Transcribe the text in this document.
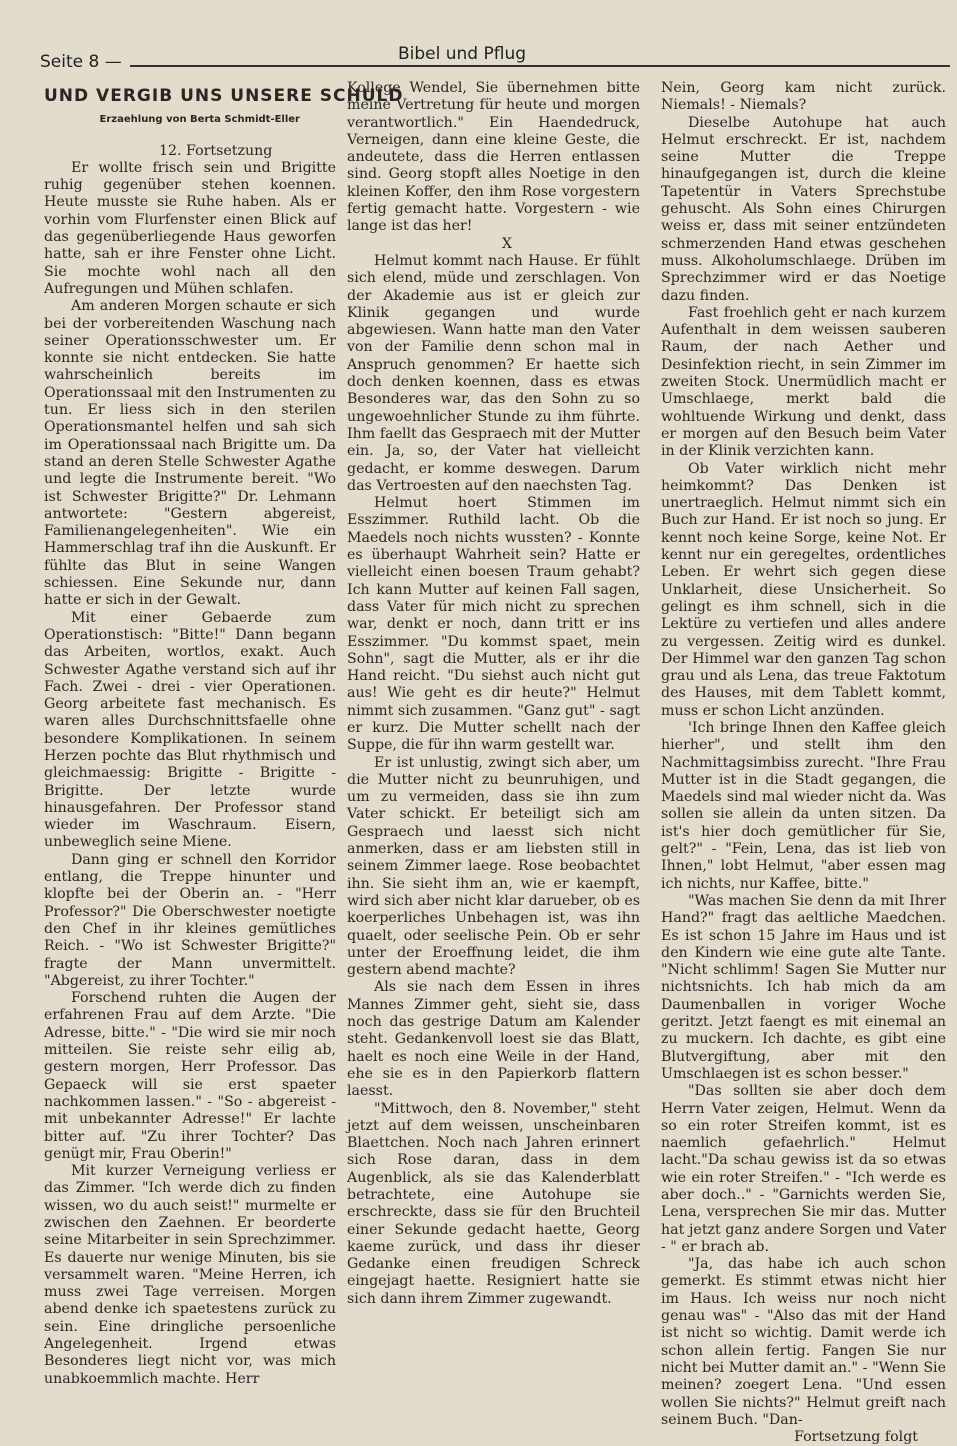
Seite 8 —	Bibel und Pflug
UND VERGIB UNS UNSERE SCHULD
Erzaehlung von Berta Schmidt-Eller

12. Fortsetzung

Er wollte frisch sein und Brigitte ruhig gegenüber stehen koennen. Heute musste sie Ruhe haben. Als er vorhin vom Flurfenster einen Blick auf das gegenüberliegende Haus geworfen hatte, sah er ihre Fenster ohne Licht. Sie mochte wohl nach all den Aufregungen und Mühen schlafen.

Am anderen Morgen schaute er sich bei der vorbereitenden Waschung nach seiner Operationsschwester um. Er konnte sie nicht entdecken. Sie hatte wahrscheinlich bereits im Operationssaal mit den Instrumenten zu tun. Er liess sich in den sterilen Operationsmantel helfen und sah sich im Operationssaal nach Brigitte um. Da stand an deren Stelle Schwester Agathe und legte die Instrumente bereit. "Wo ist Schwester Brigitte?" Dr. Lehmann antwortete: "Gestern abgereist, Familienangelegenheiten". Wie ein Hammerschlag traf ihn die Auskunft. Er fühlte das Blut in seine Wangen schiessen. Eine Sekunde nur, dann hatte er sich in der Gewalt.

Mit einer Gebaerde zum Operationstisch: "Bitte!" Dann begann das Arbeiten, wortlos, exakt. Auch Schwester Agathe verstand sich auf ihr Fach. Zwei - drei - vier Operationen. Georg arbeitete fast mechanisch. Es waren alles Durchschnittsfaelle ohne besondere Komplikationen. In seinem Herzen pochte das Blut rhythmisch und gleichmaessig: Brigitte - Brigitte - Brigitte. Der letzte wurde hinausgefahren. Der Professor stand wieder im Waschraum. Eisern, unbeweglich seine Miene.

Dann ging er schnell den Korridor entlang, die Treppe hinunter und klopfte bei der Oberin an. - "Herr Professor?" Die Oberschwester noetigte den Chef in ihr kleines gemütliches Reich. - "Wo ist Schwester Brigitte?" fragte der Mann unvermittelt. "Abgereist, zu ihrer Tochter."

Forschend ruhten die Augen der erfahrenen Frau auf dem Arzte. "Die Adresse, bitte." - "Die wird sie mir noch mitteilen. Sie reiste sehr eilig ab, gestern morgen, Herr Professor. Das Gepaeck will sie erst spaeter nachkommen lassen." - "So - abgereist - mit unbekannter Adresse!" Er lachte bitter auf. "Zu ihrer Tochter? Das genügt mir, Frau Oberin!"

Mit kurzer Verneigung verliess er das Zimmer. "Ich werde dich zu finden wissen, wo du auch seist!" murmelte er zwischen den Zaehnen. Er beorderte seine Mitarbeiter in sein Sprechzimmer. Es dauerte nur wenige Minuten, bis sie versammelt waren. "Meine Herren, ich muss zwei Tage verreisen. Morgen abend denke ich spaetestens zurück zu sein. Eine dringliche persoenliche Angelegenheit. Irgend etwas Besonderes liegt nicht vor, was mich unabkoemmlich machte. Herr

Kollege Wendel, Sie übernehmen bitte meine Vertretung für heute und morgen verantwortlich." Ein Haendedruck, Verneigen, dann eine kleine Geste, die andeutete, dass die Herren entlassen sind. Georg stopft alles Noetige in den kleinen Koffer, den ihm Rose vorgestern fertig gemacht hatte. Vorgestern - wie lange ist das her!

X

Helmut kommt nach Hause. Er fühlt sich elend, müde und zerschlagen. Von der Akademie aus ist er gleich zur Klinik gegangen und wurde abgewiesen. Wann hatte man den Vater von der Familie denn schon mal in Anspruch genommen? Er haette sich doch denken koennen, dass es etwas Besonderes war, das den Sohn zu so ungewoehnlicher Stunde zu ihm führte. Ihm faellt das Gespraech mit der Mutter ein. Ja, so, der Vater hat vielleicht gedacht, er komme deswegen. Darum das Vertroesten auf den naechsten Tag.

Helmut hoert Stimmen im Esszimmer. Ruthild lacht. Ob die Maedels noch nichts wussten? - Konnte es überhaupt Wahrheit sein? Hatte er vielleicht einen boesen Traum gehabt? Ich kann Mutter auf keinen Fall sagen, dass Vater für mich nicht zu sprechen war, denkt er noch, dann tritt er ins Esszimmer. "Du kommst spaet, mein Sohn", sagt die Mutter, als er ihr die Hand reicht. "Du siehst auch nicht gut aus! Wie geht es dir heute?" Helmut nimmt sich zusammen. "Ganz gut" - sagt er kurz. Die Mutter schellt nach der Suppe, die für ihn warm gestellt war.

Er ist unlustig, zwingt sich aber, um die Mutter nicht zu beunruhigen, und um zu vermeiden, dass sie ihn zum Vater schickt. Er beteiligt sich am Gespraech und laesst sich nicht anmerken, dass er am liebsten still in seinem Zimmer laege. Rose beobachtet ihn. Sie sieht ihm an, wie er kaempft, wird sich aber nicht klar darueber, ob es koerperliches Unbehagen ist, was ihn quaelt, oder seelische Pein. Ob er sehr unter der Eroeffnung leidet, die ihm gestern abend machte?

Als sie nach dem Essen in ihres Mannes Zimmer geht, sieht sie, dass noch das gestrige Datum am Kalender steht. Gedankenvoll loest sie das Blatt, haelt es noch eine Weile in der Hand, ehe sie es in den Papierkorb flattern laesst.

"Mittwoch, den 8. November," steht jetzt auf dem weissen, unscheinbaren Blaettchen. Noch nach Jahren erinnert sich Rose daran, dass in dem Augenblick, als sie das Kalenderblatt betrachtete, eine Autohupe sie erschreckte, dass sie für den Bruchteil einer Sekunde gedacht haette, Georg kaeme zurück, und dass ihr dieser Gedanke einen freudigen Schreck eingejagt haette. Resigniert hatte sie sich dann ihrem Zimmer zugewandt.

Nein, Georg kam nicht zurück. Niemals! - Niemals?

Dieselbe Autohupe hat auch Helmut erschreckt. Er ist, nachdem seine Mutter die Treppe hinaufgegangen ist, durch die kleine Tapetentür in Vaters Sprechstube gehuscht. Als Sohn eines Chirurgen weiss er, dass mit seiner entzündeten schmerzenden Hand etwas geschehen muss. Alkoholumschlaege. Drüben im Sprechzimmer wird er das Noetige dazu finden.

Fast froehlich geht er nach kurzem Aufenthalt in dem weissen sauberen Raum, der nach Aether und Desinfektion riecht, in sein Zimmer im zweiten Stock. Unermüdlich macht er Umschlaege, merkt bald die wohltuende Wirkung und denkt, dass er morgen auf den Besuch beim Vater in der Klinik verzichten kann.

Ob Vater wirklich nicht mehr heimkommt? Das Denken ist unertraeglich. Helmut nimmt sich ein Buch zur Hand. Er ist noch so jung. Er kennt noch keine Sorge, keine Not. Er kennt nur ein geregeltes, ordentliches Leben. Er wehrt sich gegen diese Unklarheit, diese Unsicherheit. So gelingt es ihm schnell, sich in die Lektüre zu vertiefen und alles andere zu vergessen. Zeitig wird es dunkel. Der Himmel war den ganzen Tag schon grau und als Lena, das treue Faktotum des Hauses, mit dem Tablett kommt, muss er schon Licht anzünden.

'Ich bringe Ihnen den Kaffee gleich hierher", und stellt ihm den Nachmittagsimbiss zurecht. "Ihre Frau Mutter ist in die Stadt gegangen, die Maedels sind mal wieder nicht da. Was sollen sie allein da unten sitzen. Da ist's hier doch gemütlicher für Sie, gelt?" - "Fein, Lena, das ist lieb von Ihnen," lobt Helmut, "aber essen mag ich nichts, nur Kaffee, bitte."

"Was machen Sie denn da mit Ihrer Hand?" fragt das aeltliche Maedchen. Es ist schon 15 Jahre im Haus und ist den Kindern wie eine gute alte Tante. "Nicht schlimm! Sagen Sie Mutter nur nichtsnichts. Ich hab mich da am Daumenballen in voriger Woche geritzt. Jetzt faengt es mit einemal an zu muckern. Ich dachte, es gibt eine Blutvergiftung, aber mit den Umschlaegen ist es schon besser."

"Das sollten sie aber doch dem Herrn Vater zeigen, Helmut. Wenn da so ein roter Streifen kommt, ist es naemlich gefaehrlich." Helmut lacht."Da schau gewiss ist da so etwas wie ein roter Streifen." - "Ich werde es aber doch.." - "Garnichts werden Sie, Lena, versprechen Sie mir das. Mutter hat jetzt ganz andere Sorgen und Vater - " er brach ab.

"Ja, das habe ich auch schon gemerkt. Es stimmt etwas nicht hier im Haus. Ich weiss nur noch nicht genau was" - "Also das mit der Hand ist nicht so wichtig. Damit werde ich schon allein fertig. Fangen Sie nur nicht bei Mutter damit an." - "Wenn Sie meinen? zoegert Lena. "Und essen wollen Sie nichts?" Helmut greift nach seinem Buch. "Dan-

Fortsetzung folgt
